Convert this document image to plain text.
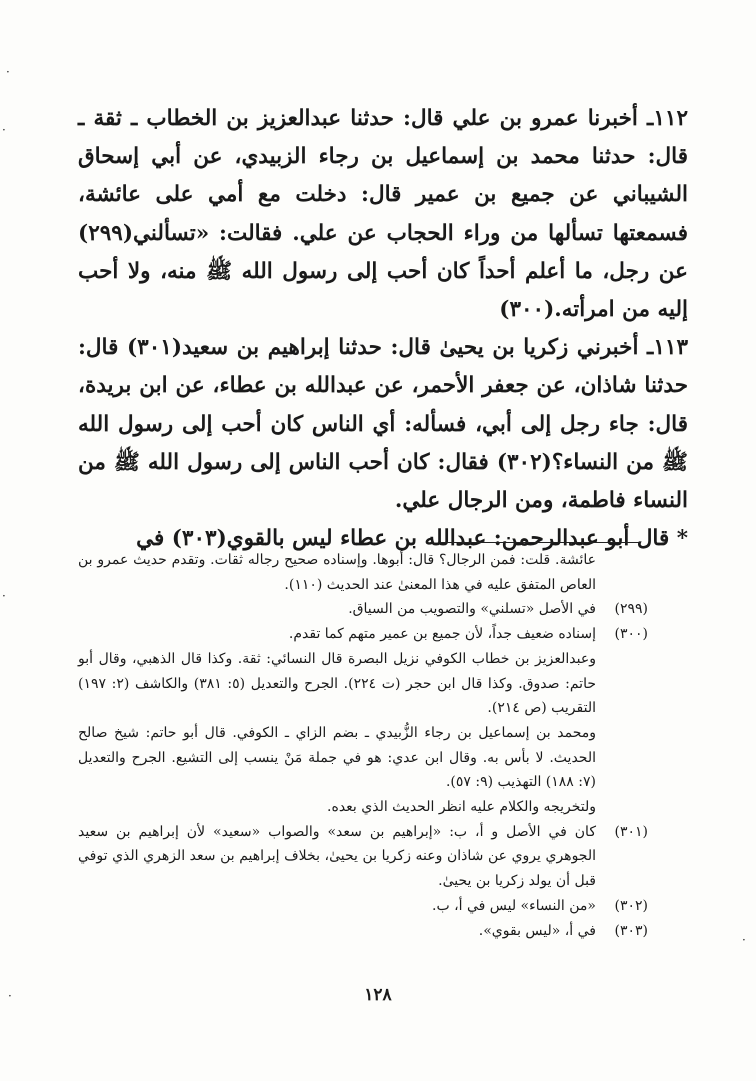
·
·
·
·
·

١١٢ـ أخبرنا عمرو بن علي قال: حدثنا عبدالعزيز بن الخطاب ـ ثقة ـ قال: حدثنا محمد بن إسماعيل بن رجاء الزبيدي، عن أبي إسحاق الشيباني عن جميع بن عمير قال: دخلت مع أمي على عائشة، فسمعتها تسألها من وراء الحجاب عن علي. فقالت: «تسألني(٢٩٩) عن رجل، ما أعلم أحداً كان أحب إلى رسول الله ﷺ منه، ولا أحب إليه من امرأته.(٣٠٠)

١١٣ـ أخبرني زكريا بن يحيىٰ قال: حدثنا إبراهيم بن سعيد(٣٠١) قال: حدثنا شاذان، عن جعفر الأحمر، عن عبدالله بن عطاء، عن ابن بريدة، قال: جاء رجل إلى أبي، فسأله: أي الناس كان أحب إلى رسول الله ﷺ من النساء؟(٣٠٢) فقال: كان أحب الناس إلى رسول الله ﷺ من النساء فاطمة، ومن الرجال علي.

* قال أبو عبدالرحمن: عبدالله بن عطاء ليس بالقوي(٣٠٣) في

عائشة. قلت: فمن الرجال؟ قال: أبوها. وإسناده صحيح رجاله ثقات. وتقدم حديث عمرو بن العاص المتفق عليه في هذا المعنىٰ عند الحديث (١١٠).

(٢٩٩)
في الأصل «تسلني» والتصويب من السياق.
(٣٠٠)
إسناده ضعيف جداً، لأن جميع بن عمير متهم كما تقدم.

وعبدالعزيز بن خطاب الكوفي نزيل البصرة قال النسائي: ثقة. وكذا قال الذهبي، وقال أبو حاتم: صدوق. وكذا قال ابن حجر (ت ٢٢٤). الجرح والتعديل (٥: ٣٨١) والكاشف (٢: ١٩٧) التقريب (ص ٢١٤).

ومحمد بن إسماعيل بن رجاء الزُّبيدي ـ بضم الزاي ـ الكوفي. قال أبو حاتم: شيخ صالح الحديث. لا بأس به. وقال ابن عدي: هو في جملة مَنْ ينسب إلى التشيع. الجرح والتعديل (٧: ١٨٨) التهذيب (٩: ٥٧).

ولتخريجه والكلام عليه انظر الحديث الذي بعده.

(٣٠١)
كان في الأصل و أ، ب: «إبراهيم بن سعد» والصواب «سعيد» لأن إبراهيم بن سعيد الجوهري يروي عن شاذان وعنه زكريا بن يحيىٰ، بخلاف إبراهيم بن سعد الزهري الذي توفي قبل أن يولد زكريا بن يحيىٰ.
(٣٠٢)
«من النساء» ليس في أ، ب.
(٣٠٣)
في أ، «ليس بقوي».
١٢٨
